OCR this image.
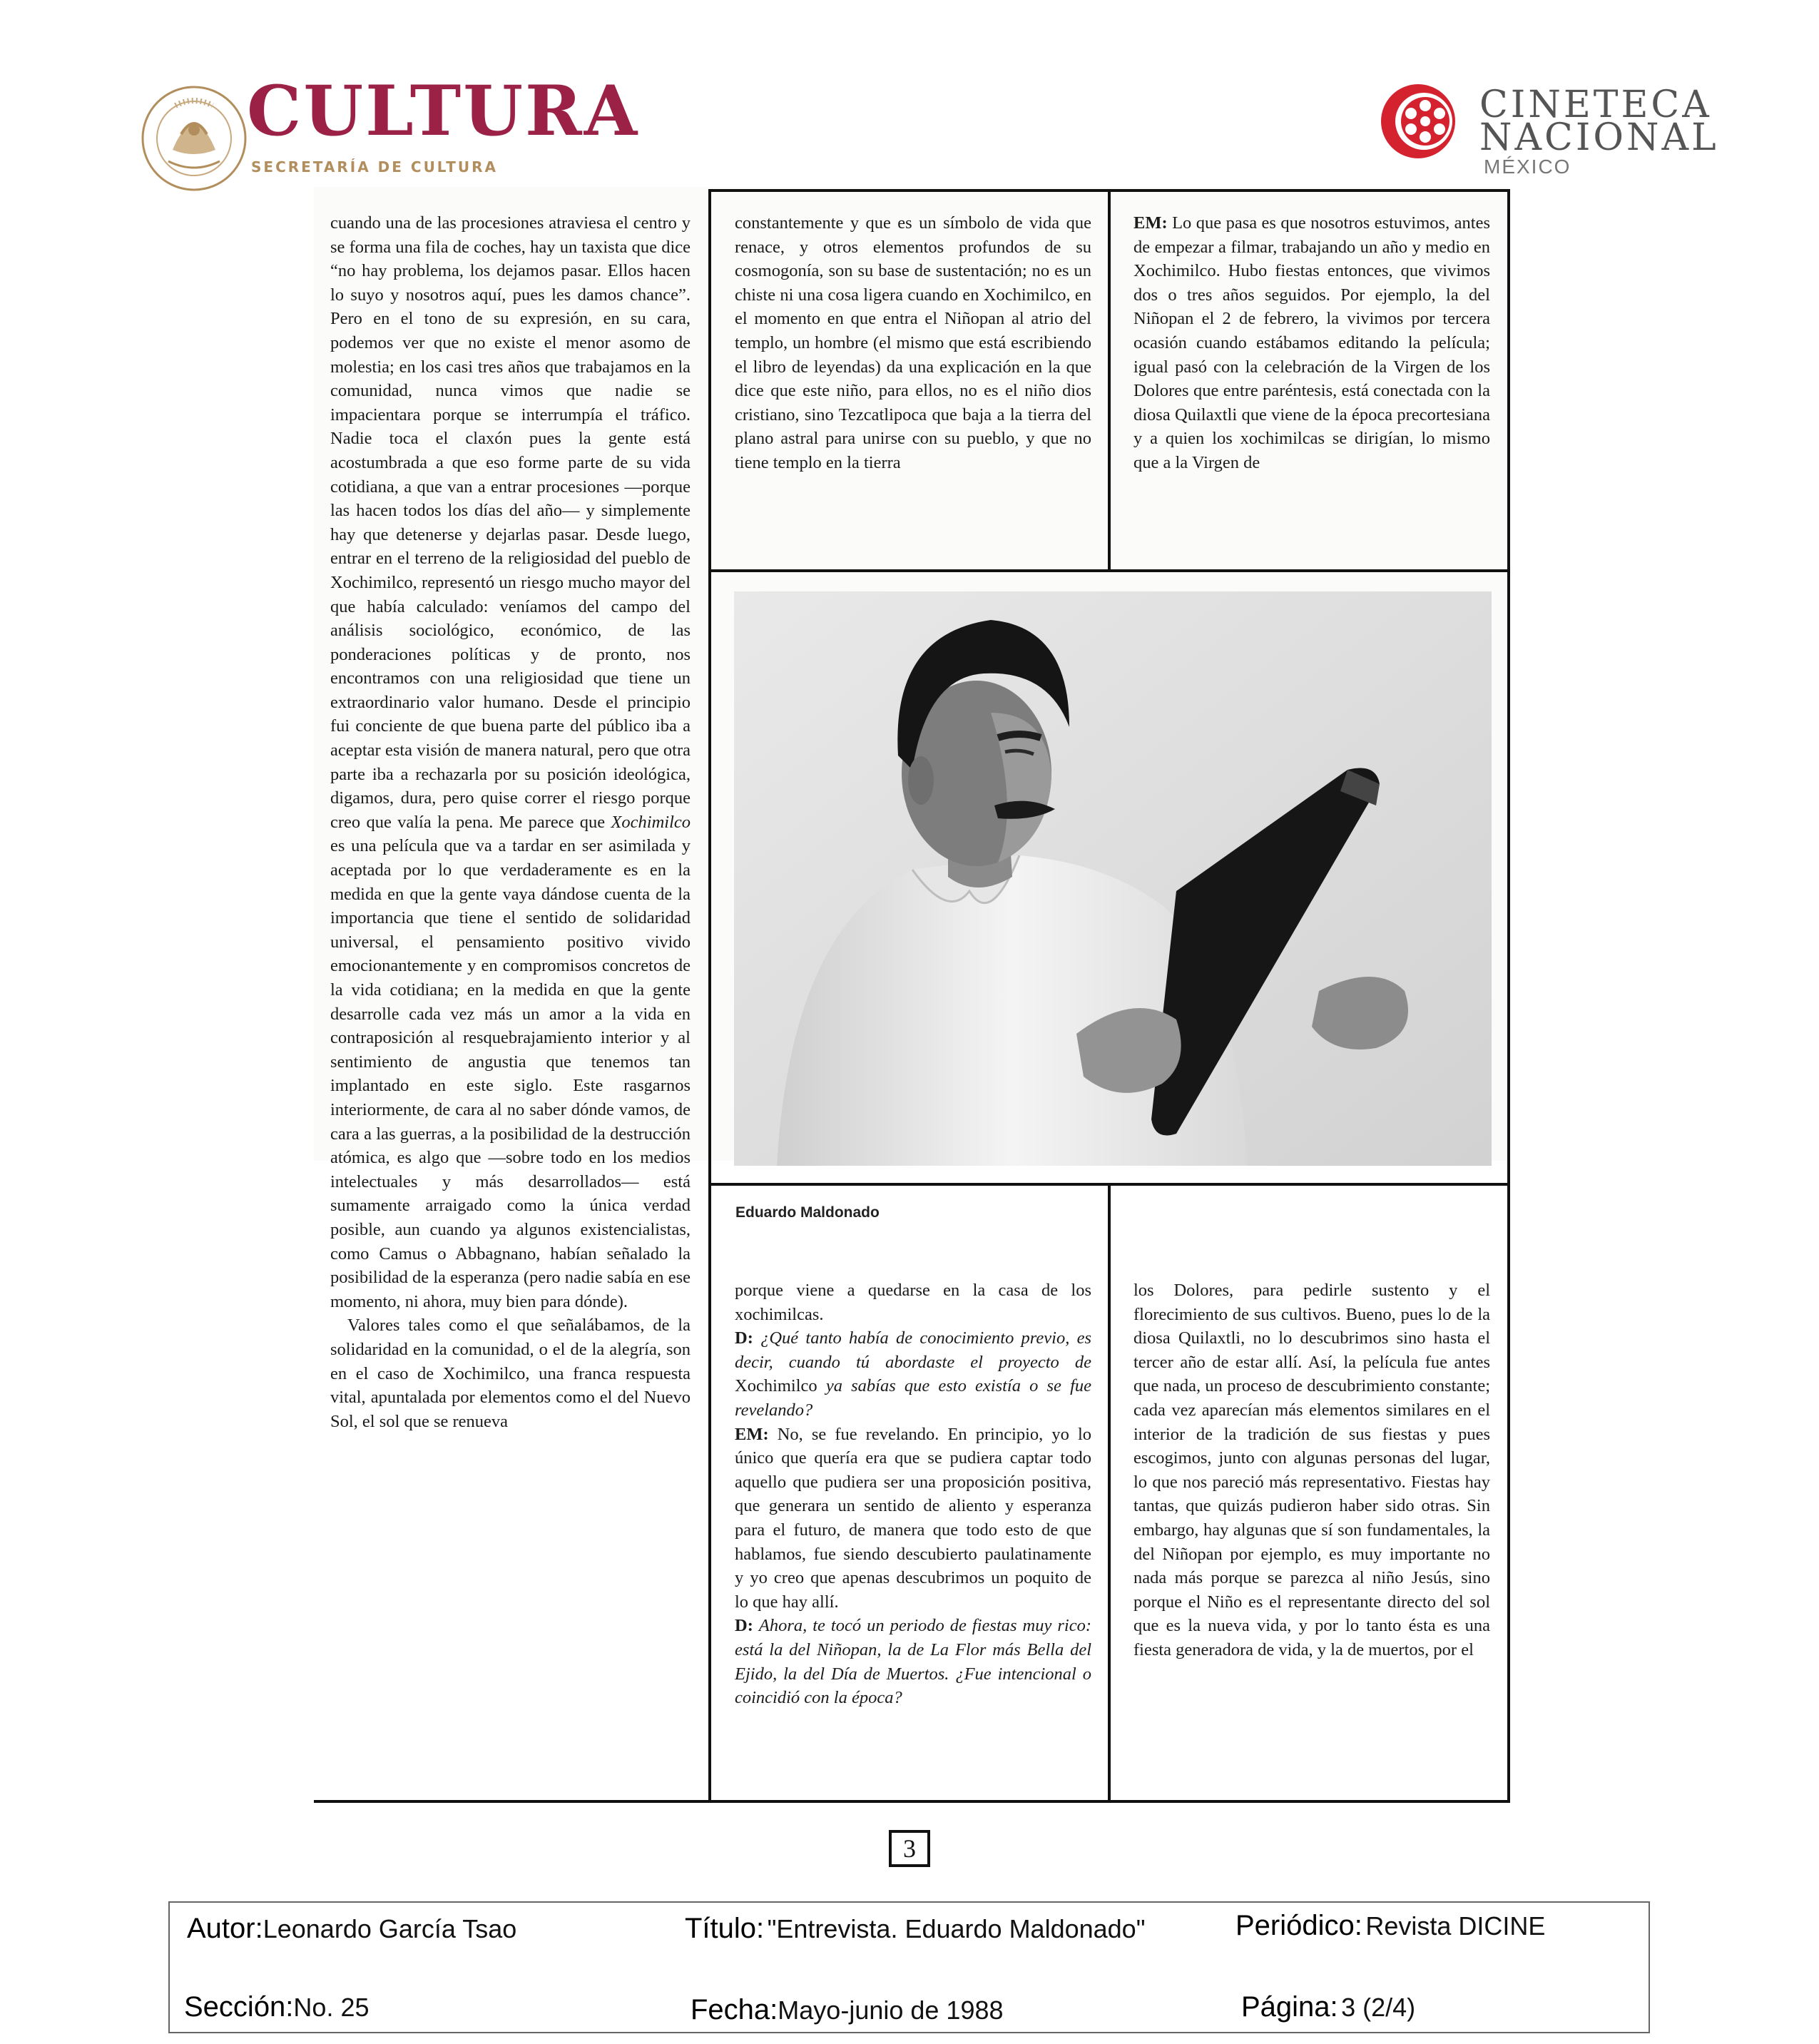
CULTURA
SECRETARÍA DE CULTURA
CINETECA
NACIONAL
MÉXICO
cuando una de las procesiones atraviesa el centro y se forma una fila de coches, hay un taxista que dice “no hay problema, los dejamos pasar. Ellos hacen lo suyo y nosotros aquí, pues les damos chance”. Pero en el tono de su expresión, en su cara, podemos ver que no existe el menor asomo de molestia; en los casi tres años que trabajamos en la comunidad, nunca vimos que nadie se impacientara porque se interrumpía el tráfico. Nadie toca el claxón pues la gente está acostumbrada a que eso forme parte de su vida cotidiana, a que van a entrar procesiones —porque las hacen todos los días del año— y simplemente hay que detenerse y dejarlas pasar. Desde luego, entrar en el terreno de la religiosidad del pueblo de Xochimilco, representó un riesgo mucho mayor del que había calculado: veníamos del campo del análisis sociológico, económico, de las ponderaciones políticas y de pronto, nos encontramos con una religiosidad que tiene un extraordinario valor humano. Desde el principio fui conciente de que buena parte del público iba a aceptar esta visión de manera natural, pero que otra parte iba a rechazarla por su posición ideológica, digamos, dura, pero quise correr el riesgo porque creo que valía la pena. Me parece que Xochimilco es una película que va a tardar en ser asimilada y aceptada por lo que verdaderamente es en la medida en que la gente vaya dándose cuenta de la importancia que tiene el sentido de solidaridad universal, el pensamiento positivo vivido emocionantemente y en compromisos concretos de la vida cotidiana; en la medida en que la gente desarrolle cada vez más un amor a la vida en contraposición al resquebrajamiento interior y al sentimiento de angustia que tenemos tan implantado en este siglo. Este rasgarnos interiormente, de cara al no saber dónde vamos, de cara a las guerras, a la posibilidad de la destrucción atómica, es algo que —sobre todo en los medios intelectuales y más desarrollados— está sumamente arraigado como la única verdad posible, aun cuando ya algunos existencialistas, como Camus o Abbagnano, habían señalado la posibilidad de la esperanza (pero nadie sabía en ese momento, ni ahora, muy bien para dónde).
Valores tales como el que señalábamos, de la solidaridad en la comunidad, o el de la alegría, son en el caso de Xochimilco, una franca respuesta vital, apuntalada por elementos como el del Nuevo Sol, el sol que se renueva
constantemente y que es un símbolo de vida que renace, y otros elementos profundos de su cosmogonía, son su base de sustentación; no es un chiste ni una cosa ligera cuando en Xochimilco, en el momento en que entra el Niñopan al atrio del templo, un hombre (el mismo que está escribiendo el libro de leyendas) da una explicación en la que dice que este niño, para ellos, no es el niño dios cristiano, sino Tezcatlipoca que baja a la tierra del plano astral para unirse con su pueblo, y que no tiene templo en la tierra
EM: Lo que pasa es que nosotros estuvimos, antes de empezar a filmar, trabajando un año y medio en Xochimilco. Hubo fiestas entonces, que vivimos dos o tres años seguidos. Por ejemplo, la del Niñopan el 2 de febrero, la vivimos por tercera ocasión cuando estábamos editando la película; igual pasó con la celebración de la Virgen de los Dolores que entre paréntesis, está conectada con la diosa Quilaxtli que viene de la época precortesiana y a quien los xochimilcas se dirigían, lo mismo que a la Virgen de
Eduardo Maldonado
porque viene a quedarse en la casa de los xochimilcas.
D: ¿Qué tanto había de conocimiento previo, es decir, cuando tú abordaste el proyecto de Xochimilco ya sabías que esto existía o se fue revelando?
EM: No, se fue revelando. En principio, yo lo único que quería era que se pudiera captar todo aquello que pudiera ser una proposición positiva, que generara un sentido de aliento y esperanza para el futuro, de manera que todo esto de que hablamos, fue siendo descubierto paulatinamente y yo creo que apenas descubrimos un poquito de lo que hay allí.
D: Ahora, te tocó un periodo de fiestas muy rico: está la del Niñopan, la de La Flor más Bella del Ejido, la del Día de Muertos. ¿Fue intencional o coincidió con la época?
los Dolores, para pedirle sustento y el florecimiento de sus cultivos. Bueno, pues lo de la diosa Quilaxtli, no lo descubrimos sino hasta el tercer año de estar allí. Así, la película fue antes que nada, un proceso de descubrimiento constante; cada vez aparecían más elementos similares en el interior de la tradición de sus fiestas y pues escogimos, junto con algunas personas del lugar, lo que nos pareció más representativo. Fiestas hay tantas, que quizás pudieron haber sido otras. Sin embargo, hay algunas que sí son fundamentales, la del Niñopan por ejemplo, es muy importante no nada más porque se parezca al niño Jesús, sino porque el Niño es el representante directo del sol que es la nueva vida, y por lo tanto ésta es una fiesta generadora de vida, y la de muertos, por el
3
Autor:Leonardo García Tsao	Título: "Entrevista. Eduardo Maldonado"	Periódico: Revista DICINE
Sección:No. 25	Fecha:Mayo-junio de 1988	Página: 3 (2/4)
